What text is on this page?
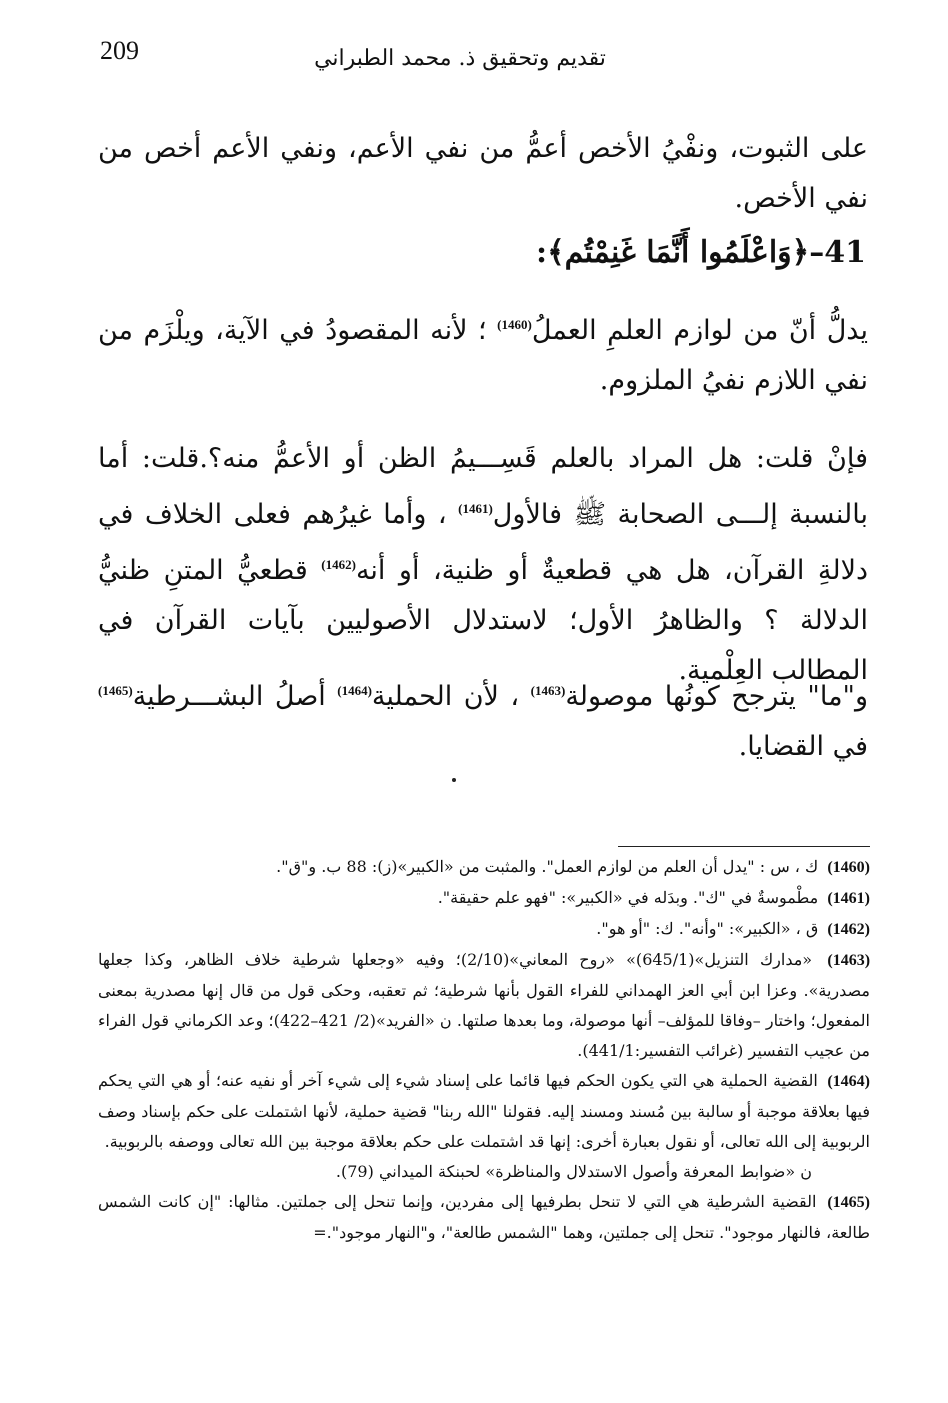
209	تقديم وتحقيق ذ. محمد الطبراني
على الثبوت، ونفْيُ الأخص أعمُّ من نفي الأعم، ونفي الأعم أخص من نفي الأخص.
41–﴿وَاعْلَمُوا أَنَّمَا غَنِمْتُم﴾:
يدلُّ أنّ من لوازم العلمِ العملُ$^{(1460)}$ ؛ لأنه المقصودُ في الآية، ويلْزَم من نفي اللازم نفيُ الملزوم.
فإنْ قلت: هل المراد بالعلم قَسِـــيمُ الظن أو الأعمُّ منه؟.قلت: أما بالنسبة إلـــى الصحابة ﷺ فالأول$^{(1461)}$ ، وأما غيرُهم فعلى الخلاف في دلالةِ القرآن، هل هي قطعيةٌ أو ظنية، أو أنه$^{(1462)}$ قطعيُّ المتنِ ظنيُّ الدلالة ؟ والظاهرُ الأول؛ لاستدلال الأصوليين بآيات القرآن في المطالب العِلْمية.
و"ما" يترجح كونُها موصولة$^{(1463)}$ ، لأن الحملية$^{(1464)}$ أصلُ البشـــرطية$^{(1465)}$ في القضايا.

(1460) ك ، س : "يدل أن العلم من لوازم العمل". والمثبت من «الكبير»(ز): 88 ب. و"ق".

(1461) مطْموسةٌ في "ك". وبدَله في «الكبير»: "فهو علم حقيقة".

(1462) ق ، «الكبير»: "وأنه". ك: "أو هو".

(1463) «مدارك التنزيل»(645/1)» «روح المعاني»(2/10)؛ وفيه «وجعلها شرطية خلاف الظاهر، وكذا جعلها مصدرية». وعزا ابن أبي العز الهمداني للفراء القول بأنها شرطية؛ ثم تعقبه، وحكى قول من قال إنها مصدرية بمعنى المفعول؛ واختار –وفاقا للمؤلف– أنها موصولة، وما بعدها صلتها. ن «الفريد»(2/ 421–422)؛ وعد الكرماني قول الفراء من عجيب التفسير (غرائب التفسير:441/1).

(1464) القضية الحملية هي التي يكون الحكم فيها قائما على إسناد شيء إلى شيء آخر أو نفيه عنه؛ أو هي التي يحكم فيها بعلاقة موجبة أو سالبة بين مُسند ومسند إليه. فقولنا "الله ربنا" قضية حملية، لأنها اشتملت على حكم بإسناد وصف الربوبية إلى الله تعالى، أو نقول بعبارة أخرى: إنها قد اشتملت على حكم بعلاقة موجبة بين الله تعالى ووصفه بالربوبية.

ن «ضوابط المعرفة وأصول الاستدلال والمناظرة» لحبنكة الميداني (79).

(1465) القضية الشرطية هي التي لا تنحل بطرفيها إلى مفردين، وإنما تنحل إلى جملتين. مثالها: "إن كانت الشمس طالعة، فالنهار موجود". تنحل إلى جملتين، وهما "الشمس طالعة"، و"النهار موجود".=
